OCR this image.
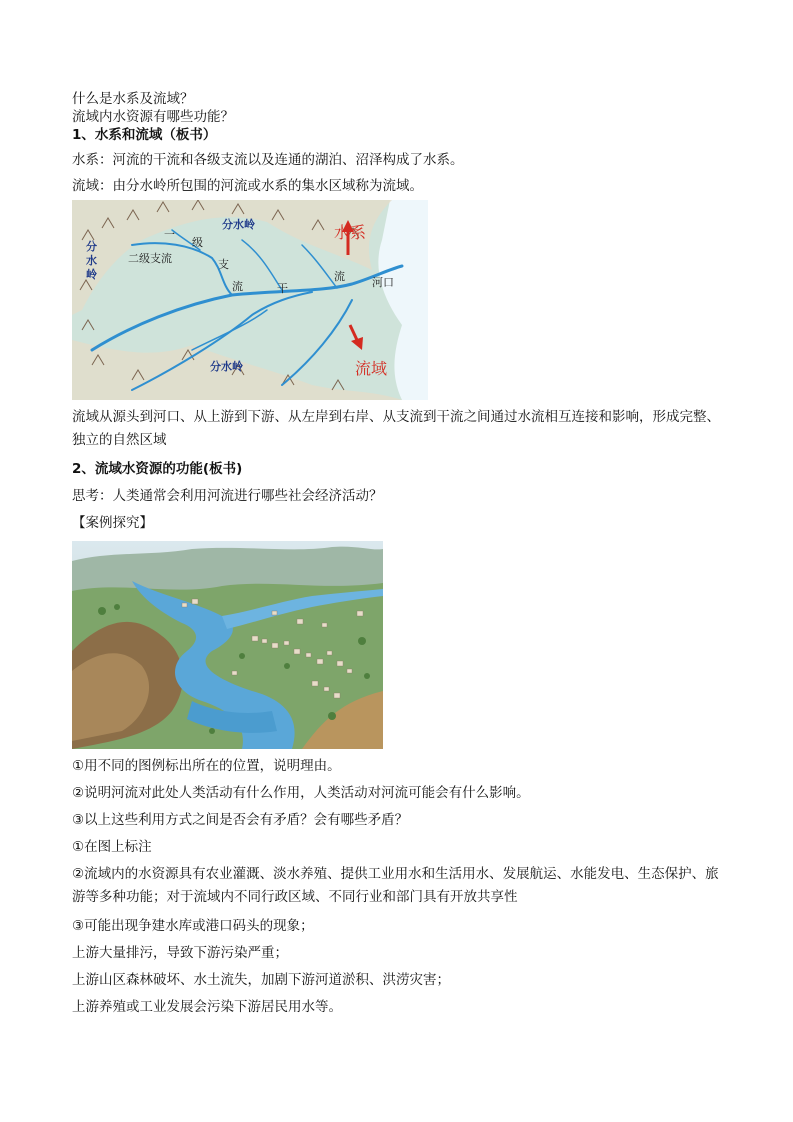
什么是水系及流域？
流域内水资源有哪些功能？
1、水系和流域（板书）
水系：河流的干流和各级支流以及连通的湖泊、沼泽构成了水系。
流域：由分水岭所包围的河流或水系的集水区域称为流域。
分 水 岭
分水岭
分水岭
二级支流
一 级 支 流	干
流 河口
水系
流域
流域从源头到河口、从上游到下游、从左岸到右岸、从支流到干流之间通过水流相互连接和影响，形成完整、独立的自然区域
2、流域水资源的功能(板书)
思考：人类通常会利用河流进行哪些社会经济活动？
【案例探究】
①用不同的图例标出所在的位置，说明理由。
②说明河流对此处人类活动有什么作用，人类活动对河流可能会有什么影响。
③以上这些利用方式之间是否会有矛盾？会有哪些矛盾？
①在图上标注
②流域内的水资源具有农业灌溉、淡水养殖、提供工业用水和生活用水、发展航运、水能发电、生态保护、旅游等多种功能；对于流域内不同行政区域、不同行业和部门具有开放共享性
③可能出现争建水库或港口码头的现象；
上游大量排污，导致下游污染严重；
上游山区森林破坏、水土流失，加剧下游河道淤积、洪涝灾害；
上游养殖或工业发展会污染下游居民用水等。
